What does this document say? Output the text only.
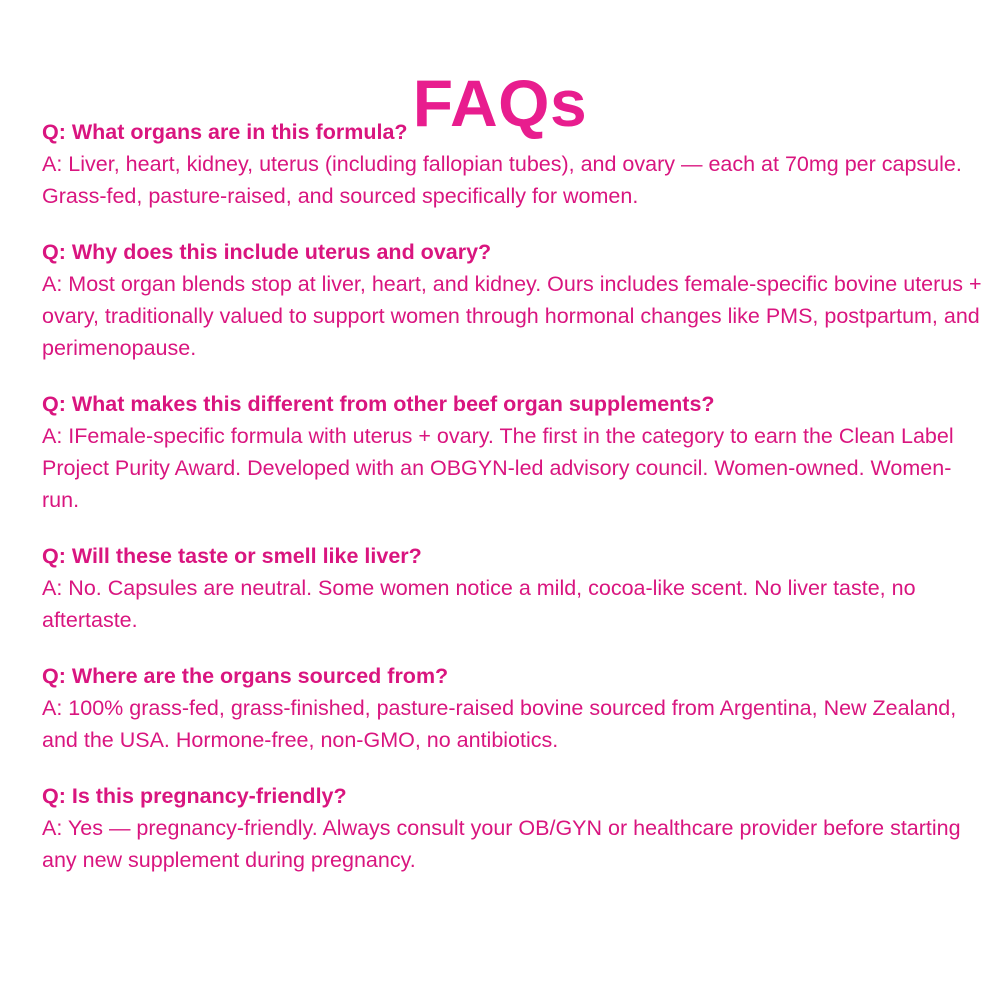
FAQs

Q: What organs are in this formula?

A: Liver, heart, kidney, uterus (including fallopian tubes), and ovary — each at 70mg per capsule. Grass-fed, pasture-raised, and sourced specifically for women.

Q: Why does this include uterus and ovary?

A: Most organ blends stop at liver, heart, and kidney. Ours includes female-specific bovine uterus + ovary, traditionally valued to support women through hormonal changes like PMS, postpartum, and perimenopause.

Q: What makes this different from other beef organ supplements?

A: IFemale-specific formula with uterus + ovary. The first in the category to earn the Clean Label Project Purity Award. Developed with an OBGYN-led advisory council. Women-owned. Women-run.

Q: Will these taste or smell like liver?

A: No. Capsules are neutral. Some women notice a mild, cocoa-like scent. No liver taste, no aftertaste.

Q: Where are the organs sourced from?

A: 100% grass-fed, grass-finished, pasture-raised bovine sourced from Argentina, New Zealand, and the USA. Hormone-free, non-GMO, no antibiotics.

Q: Is this pregnancy-friendly?

A: Yes — pregnancy-friendly. Always consult your OB/GYN or healthcare provider before starting any new supplement during pregnancy.
